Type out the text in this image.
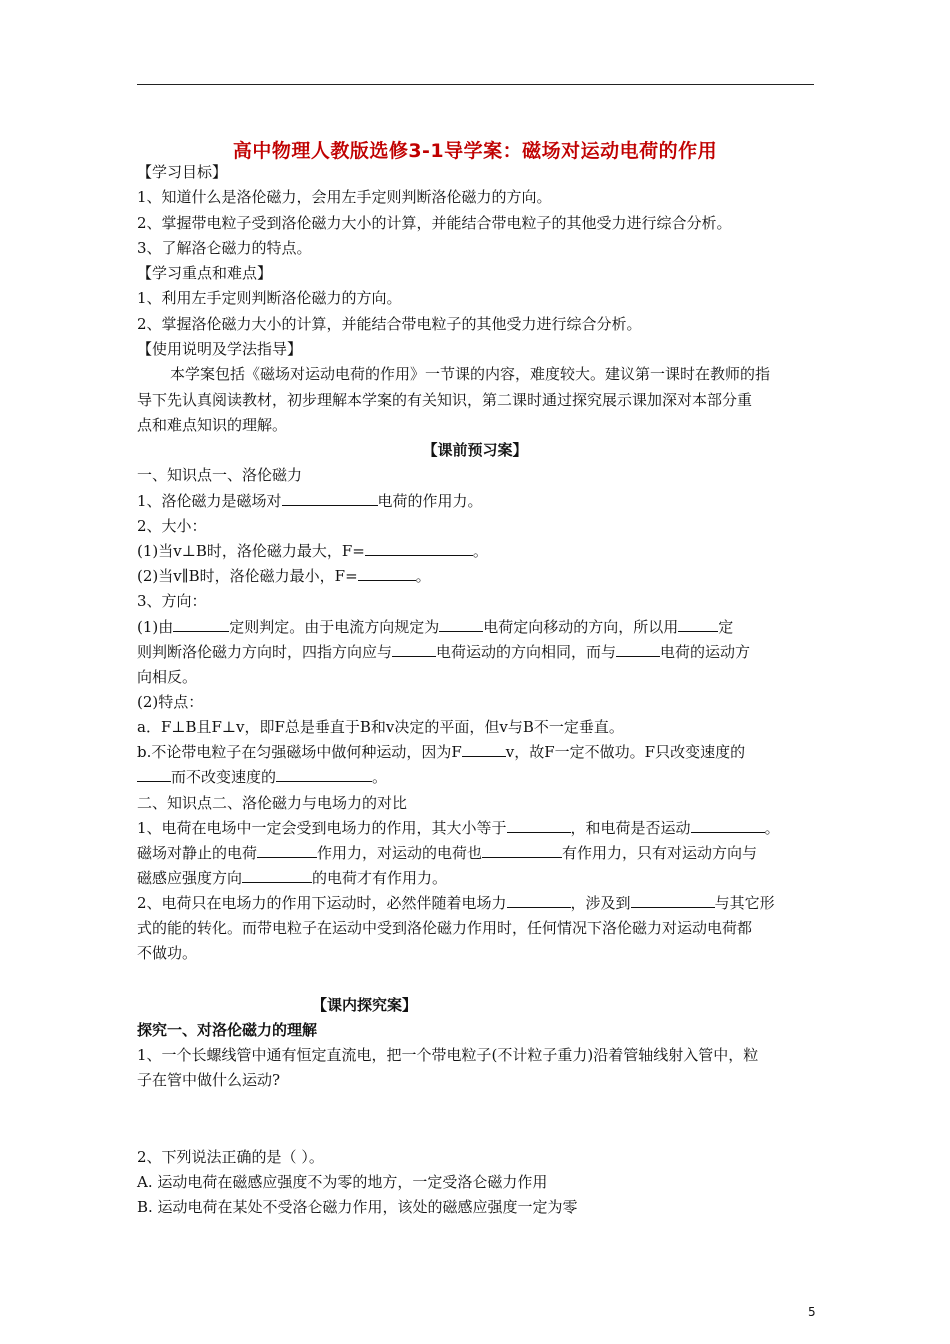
高中物理人教版选修3-1导学案：磁场对运动电荷的作用
【学习目标】
1、知道什么是洛伦磁力，会用左手定则判断洛伦磁力的方向。
2、掌握带电粒子受到洛伦磁力大小的计算，并能结合带电粒子的其他受力进行综合分析。
3、了解洛仑磁力的特点。
【学习重点和难点】
1、利用左手定则判断洛伦磁力的方向。
2、掌握洛伦磁力大小的计算，并能结合带电粒子的其他受力进行综合分析。
【使用说明及学法指导】
本学案包括《磁场对运动电荷的作用》一节课的内容，难度较大。建议第一课时在教师的指
导下先认真阅读教材，初步理解本学案的有关知识，第二课时通过探究展示课加深对本部分重
点和难点知识的理解。
【课前预习案】
一、知识点一、洛伦磁力
1、洛伦磁力是磁场对	电荷的作用力。
2、大小：
(1)当v⊥B时，洛伦磁力最大，F=	。
(2)当v∥B时，洛伦磁力最小，F=	。
3、方向：
(1)由	定则判定。由于电流方向规定为	电荷定向移动的方向，所以用	定
则判断洛伦磁力方向时，四指方向应与	电荷运动的方向相同，而与	电荷的运动方
向相反。
(2)特点：
a．F⊥B且F⊥v，即F总是垂直于B和v决定的平面，但v与B不一定垂直。
b.不论带电粒子在匀强磁场中做何种运动，因为F	v，故F一定不做功。F只改变速度的
而不改变速度的	。
二、知识点二、洛伦磁力与电场力的对比
1、电荷在电场中一定会受到电场力的作用，其大小等于	，和电荷是否运动	。
磁场对静止的电荷	作用力，对运动的电荷也	有作用力，只有对运动方向与
磁感应强度方向	的电荷才有作用力。
2、电荷只在电场力的作用下运动时，必然伴随着电场力	，涉及到	与其它形
式的能的转化。而带电粒子在运动中受到洛伦磁力作用时，任何情况下洛伦磁力对运动电荷都
不做功。
【课内探究案】
探究一、对洛伦磁力的理解
1、一个长螺线管中通有恒定直流电，把一个带电粒子(不计粒子重力)沿着管轴线射入管中，粒
子在管中做什么运动?
2、下列说法正确的是（ ）。
A. 运动电荷在磁感应强度不为零的地方，一定受洛仑磁力作用
B. 运动电荷在某处不受洛仑磁力作用，该处的磁感应强度一定为零
5
